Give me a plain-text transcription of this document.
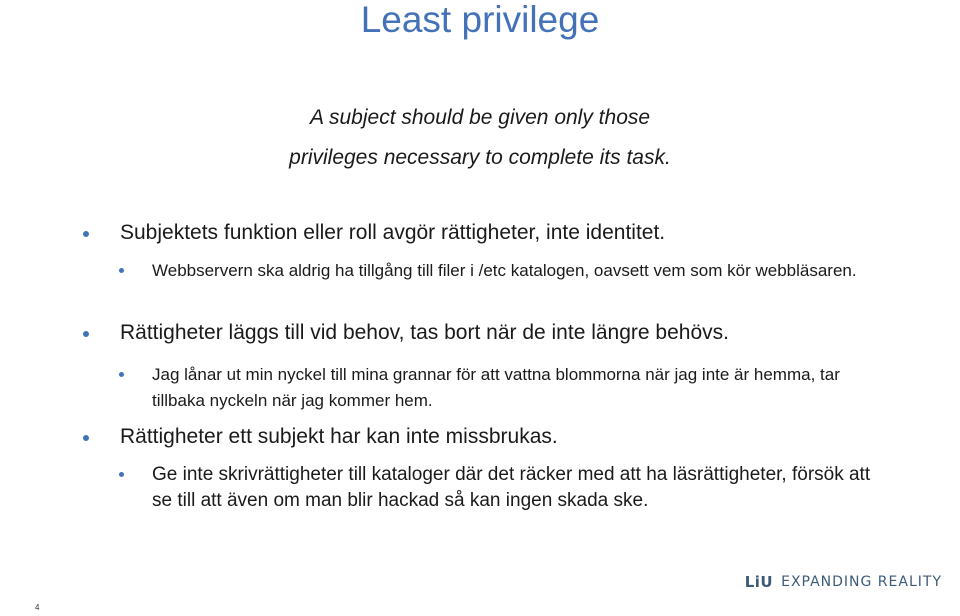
Least privilege
A subject should be given only those
privileges necessary to complete its task.
Subjektets funktion eller roll avgör rättigheter, inte identitet.
Webbservern ska aldrig ha tillgång till filer i /etc katalogen, oavsett vem som kör webbläsaren.
Rättigheter läggs till vid behov, tas bort när de inte längre behövs.
Jag lånar ut min nyckel till mina grannar för att vattna blommorna när jag inte är hemma, tar tillbaka nyckeln när jag kommer hem.
Rättigheter ett subjekt har kan inte missbrukas.
Ge inte skrivrättigheter till kataloger där det räcker med att ha läsrättigheter, försök att se till att även om man blir hackad så kan ingen skada ske.
LiU EXPANDING REALITY
4
